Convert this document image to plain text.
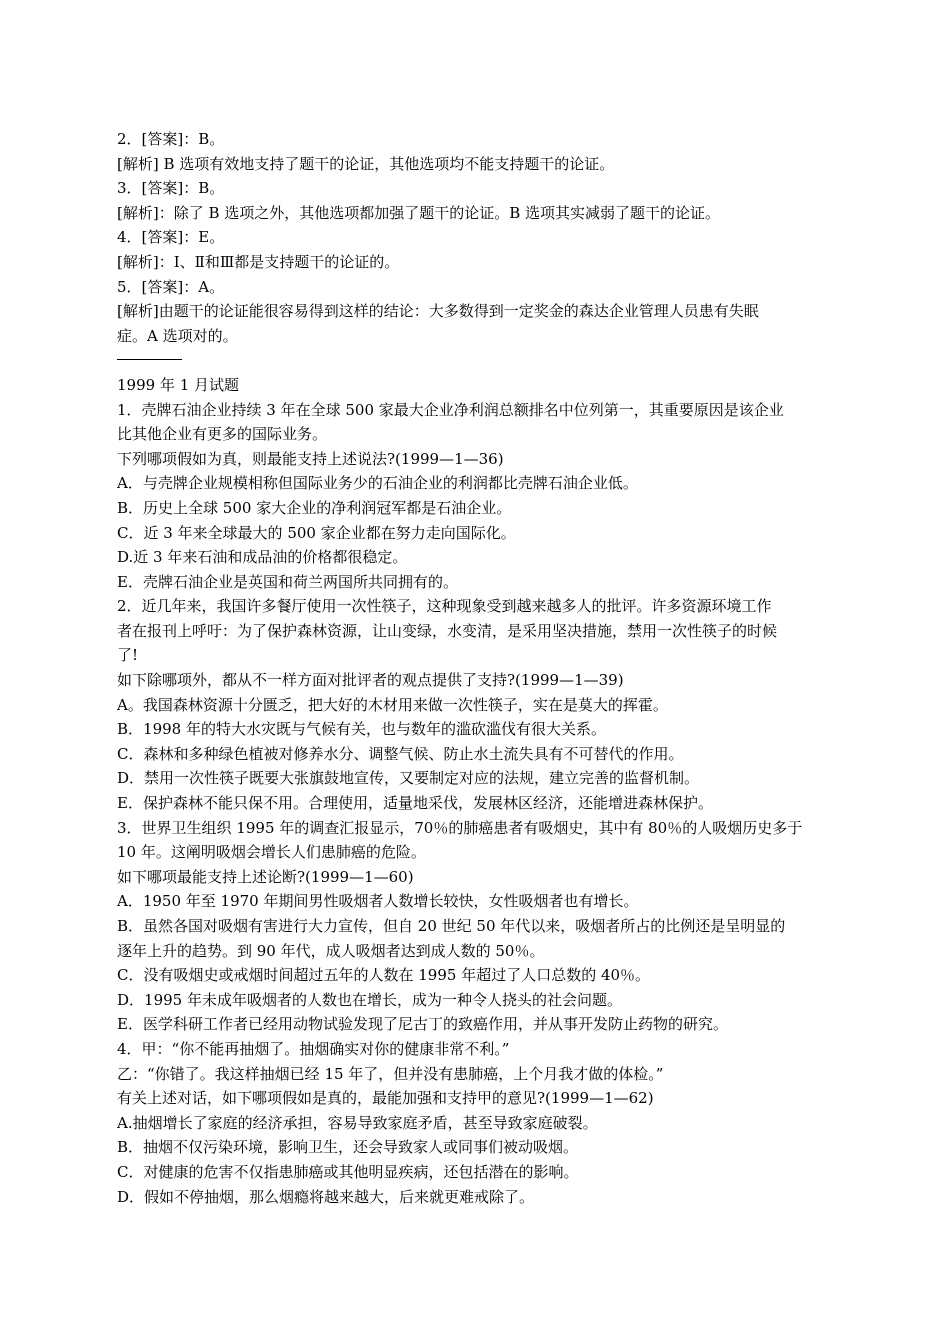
2．[答案]：B。
[解析] B 选项有效地支持了题干的论证，其他选项均不能支持题干的论证。
3．[答案]：B。
[解析]：除了 B 选项之外，其他选项都加强了题干的论证。B 选项其实减弱了题干的论证。
4．[答案]：E。
[解析]：I、Ⅱ和Ⅲ都是支持题干的论证的。
5．[答案]：A。
[解析]由题干的论证能很容易得到这样的结论：大多数得到一定奖金的森达企业管理人员患有失眠
症。A 选项对的。
1999 年 1 月试题
1．壳牌石油企业持续 3 年在全球 500 家最大企业净利润总额排名中位列第一，其重要原因是该企业
比其他企业有更多的国际业务。
下列哪项假如为真，则最能支持上述说法?(1999—1—36)
A．与壳牌企业规模相称但国际业务少的石油企业的利润都比壳牌石油企业低。
B．历史上全球 500 家大企业的净利润冠军都是石油企业。
C．近 3 年来全球最大的 500 家企业都在努力走向国际化。
D.近 3 年来石油和成品油的价格都很稳定。
E．壳牌石油企业是英国和荷兰两国所共同拥有的。
2．近几年来，我国许多餐厅使用一次性筷子，这种现象受到越来越多人的批评。许多资源环境工作
者在报刊上呼吁：为了保护森林资源，让山变绿，水变清，是采用坚决措施，禁用一次性筷子的时候
了!
如下除哪项外，都从不一样方面对批评者的观点提供了支持?(1999—1—39)
A。我国森林资源十分匮乏，把大好的木材用来做一次性筷子，实在是莫大的挥霍。
B．1998 年的特大水灾既与气候有关，也与数年的滥砍滥伐有很大关系。
C．森林和多种绿色植被对修养水分、调整气候、防止水土流失具有不可替代的作用。
D．禁用一次性筷子既要大张旗鼓地宣传，又要制定对应的法规，建立完善的监督机制。
E．保护森林不能只保不用。合理使用，适量地采伐，发展林区经济，还能增进森林保护。
3．世界卫生组织 1995 年的调查汇报显示，70％的肺癌患者有吸烟史，其中有 80％的人吸烟历史多于
10 年。这阐明吸烟会增长人们患肺癌的危险。
如下哪项最能支持上述论断?(1999—1—60)
A．1950 年至 1970 年期间男性吸烟者人数增长较快，女性吸烟者也有增长。
B．虽然各国对吸烟有害进行大力宣传，但自 20 世纪 50 年代以来，吸烟者所占的比例还是呈明显的
逐年上升的趋势。到 90 年代，成人吸烟者达到成人数的 50％。
C．没有吸烟史或戒烟时间超过五年的人数在 1995 年超过了人口总数的 40％。
D．1995 年未成年吸烟者的人数也在增长，成为一种令人挠头的社会问题。
E．医学科研工作者已经用动物试验发现了尼古丁的致癌作用，并从事开发防止药物的研究。
4．甲：“你不能再抽烟了。抽烟确实对你的健康非常不利。”
乙：“你错了。我这样抽烟已经 15 年了，但并没有患肺癌，上个月我才做的体检。”
有关上述对话，如下哪项假如是真的，最能加强和支持甲的意见?(1999—1—62)
A.抽烟增长了家庭的经济承担，容易导致家庭矛盾，甚至导致家庭破裂。
B．抽烟不仅污染环境，影响卫生，还会导致家人或同事们被动吸烟。
C．对健康的危害不仅指患肺癌或其他明显疾病，还包括潜在的影响。
D．假如不停抽烟，那么烟瘾将越来越大，后来就更难戒除了。
